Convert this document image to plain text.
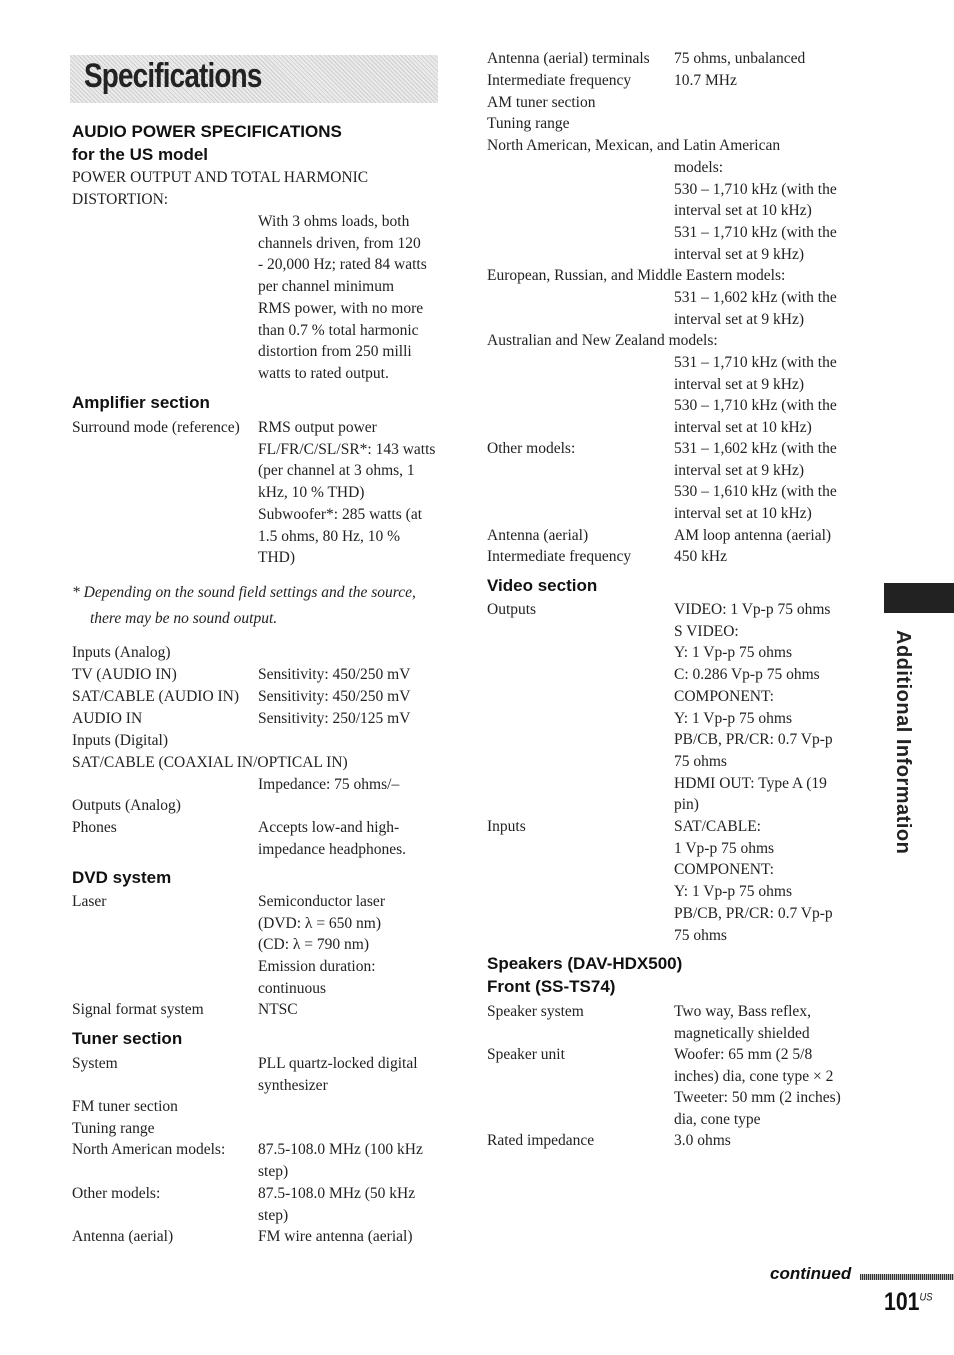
Specifications
AUDIO POWER SPECIFICATIONS
for the US model
POWER OUTPUT AND TOTAL HARMONIC
DISTORTION:
With 3 ohms loads, both
channels driven, from 120
- 20,000 Hz; rated 84 watts
per channel minimum
RMS power, with no more
than 0.7 % total harmonic
distortion from 250 milli
watts to rated output.
Amplifier section
Surround mode (reference) RMS output power
FL/FR/C/SL/SR*: 143 watts
(per channel at 3 ohms, 1
kHz, 10 % THD)
Subwoofer*: 285 watts (at
1.5 ohms, 80 Hz, 10 %
THD)
* Depending on the sound field settings and the source,
there may be no sound output.
Inputs (Analog)
TV (AUDIO IN)	Sensitivity: 450/250 mV
SAT/CABLE (AUDIO IN) Sensitivity: 450/250 mV
AUDIO IN	Sensitivity: 250/125 mV
Inputs (Digital)
SAT/CABLE (COAXIAL IN/OPTICAL IN)
Impedance: 75 ohms/–
Outputs (Analog)
Phones	Accepts low-and high-
impedance headphones.
DVD system
Laser	Semiconductor laser
(DVD: λ = 650 nm)
(CD: λ = 790 nm)
Emission duration:
continuous
Signal format system	NTSC
Tuner section
System	PLL quartz-locked digital
synthesizer
FM tuner section
Tuning range
North American models: 87.5-108.0 MHz (100 kHz
step)
Other models:	87.5-108.0 MHz (50 kHz
step)
Antenna (aerial)	FM wire antenna (aerial)
Antenna (aerial) terminals 75 ohms, unbalanced
Intermediate frequency	10.7 MHz
AM tuner section
Tuning range
North American, Mexican, and Latin American
models:
530 – 1,710 kHz (with the
interval set at 10 kHz)
531 – 1,710 kHz (with the
interval set at 9 kHz)
European, Russian, and Middle Eastern models:
531 – 1,602 kHz (with the
interval set at 9 kHz)
Australian and New Zealand models:
531 – 1,710 kHz (with the
interval set at 9 kHz)
530 – 1,710 kHz (with the
interval set at 10 kHz)
Other models:	531 – 1,602 kHz (with the
interval set at 9 kHz)
530 – 1,610 kHz (with the
interval set at 10 kHz)
Antenna (aerial)	AM loop antenna (aerial)
Intermediate frequency	450 kHz
Video section
Outputs	VIDEO: 1 Vp-p 75 ohms
S VIDEO:
Y: 1 Vp-p 75 ohms
C: 0.286 Vp-p 75 ohms
COMPONENT:
Y: 1 Vp-p 75 ohms
PB/CB, PR/CR: 0.7 Vp-p
75 ohms
HDMI OUT: Type A (19
pin)
Inputs	SAT/CABLE:
1 Vp-p 75 ohms
COMPONENT:
Y: 1 Vp-p 75 ohms
PB/CB, PR/CR: 0.7 Vp-p
75 ohms
Speakers (DAV-HDX500)
Front (SS-TS74)
Speaker system	Two way, Bass reflex,
magnetically shielded
Speaker unit	Woofer: 65 mm (2 5/8
inches) dia, cone type × 2
Tweeter: 50 mm (2 inches)
dia, cone type
Rated impedance	3.0 ohms
Additional Information
continued
$101^{US}$
